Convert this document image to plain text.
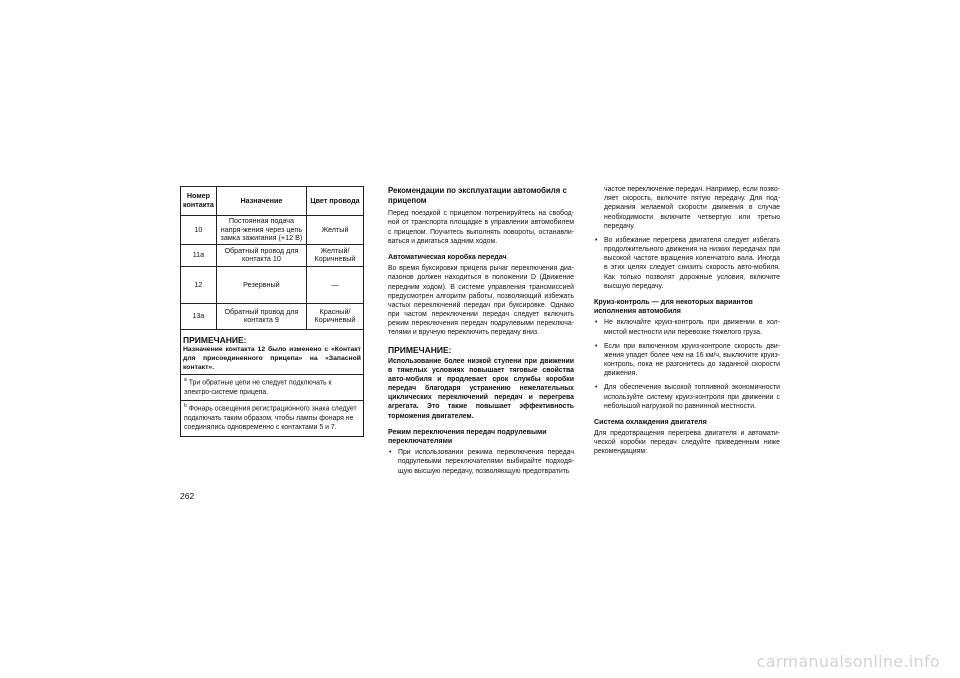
Номер контакта	Назначение	Цвет провода
10	Постоянная подача напря-жения через цепь замка зажигания (+12 В)	Желтый
11a	Обратный провод для контакта 10	Желтый/ Коричневый
12	Резервный	—
13a	Обратный провод для контакта 9	Красный/ Коричневый
ПРИМЕЧАНИЕ:
Назначение контакта 12 было изменено с «Контакт для присоединенного прицепа» на «Запасной контакт».
$^a$ Три обратные цепи не следует подключать к электро-системе прицепа.
$^b$ Фонарь освещения регистрационного знака следует подключать таким образом, чтобы лампы фонаря не соединялись одновременно с контактами 5 и 7.
Рекомендации по эксплуатации автомобиля с прицепом

Перед поездкой с прицепом потренируйтесь на свобод-ной от транспорта площадке в управлении автомобилем с прицепом. Поучитесь выполнять повороты, останавли-ваться и двигаться задним ходом.

Автоматическая коробка передач

Во время буксировки прицепа рычаг переключения диа-пазонов должен находиться в положении D (Движение передним ходом). В системе управления трансмиссией предусмотрен алгоритм работы, позволяющий избежать частых переключений передач при буксировке. Однако при частом переключении передач следует включить режим переключения передач подрулевыми переключа-телями и вручную переключить передачу вниз.

ПРИМЕЧАНИЕ:

Использование более низкой ступени при движении в тяжелых условиях повышает тяговые свойства авто-мобиля и продлевает срок службы коробки передач благодаря устранению нежелательных циклических переключений передач и перегрева агрегата. Это также повышает эффективность торможения двигателем.

Режим переключения передач подрулевыми переключателями
• При использовании режима переключения передач подрулевыми переключателями выбирайте подходя-щую высшую передачу, позволяющую предотвратить
частое переключение передач. Например, если позво-ляет скорость, включите пятую передачу. Для под-держания желаемой скорости движения в случае необходимости включите четвертую или третью передачу.
• Во избежание перегрева двигателя следует избегать продолжительного движения на низких передачах при высокой частоте вращения коленчатого вала. Иногда в этих целях следует снизить скорость авто-мобиля. Как только позволят дорожные условия, включите высшую передачу.
Круиз-контроль — для некоторых вариантов исполнения автомобиля
• Не включайте круиз-контроль при движении в хол-мистой местности или перевозке тяжелого груза.
• Если при включенном круиз-контроле скорость дви-жения упадет более чем на 16 км/ч, выключите круиз-контроль, пока не разгонитесь до заданной скорости движения.
• Для обеспечения высокой топливной экономичности используйте систему круиз-контроля при движении с небольшой нагрузкой по равнинной местности.
Система охлаждения двигателя

Для предотвращения перегрева двигателя и автомати-ческой коробки передач следуйте приведенным ниже рекомендациям:

262
carmanualsonline.info
